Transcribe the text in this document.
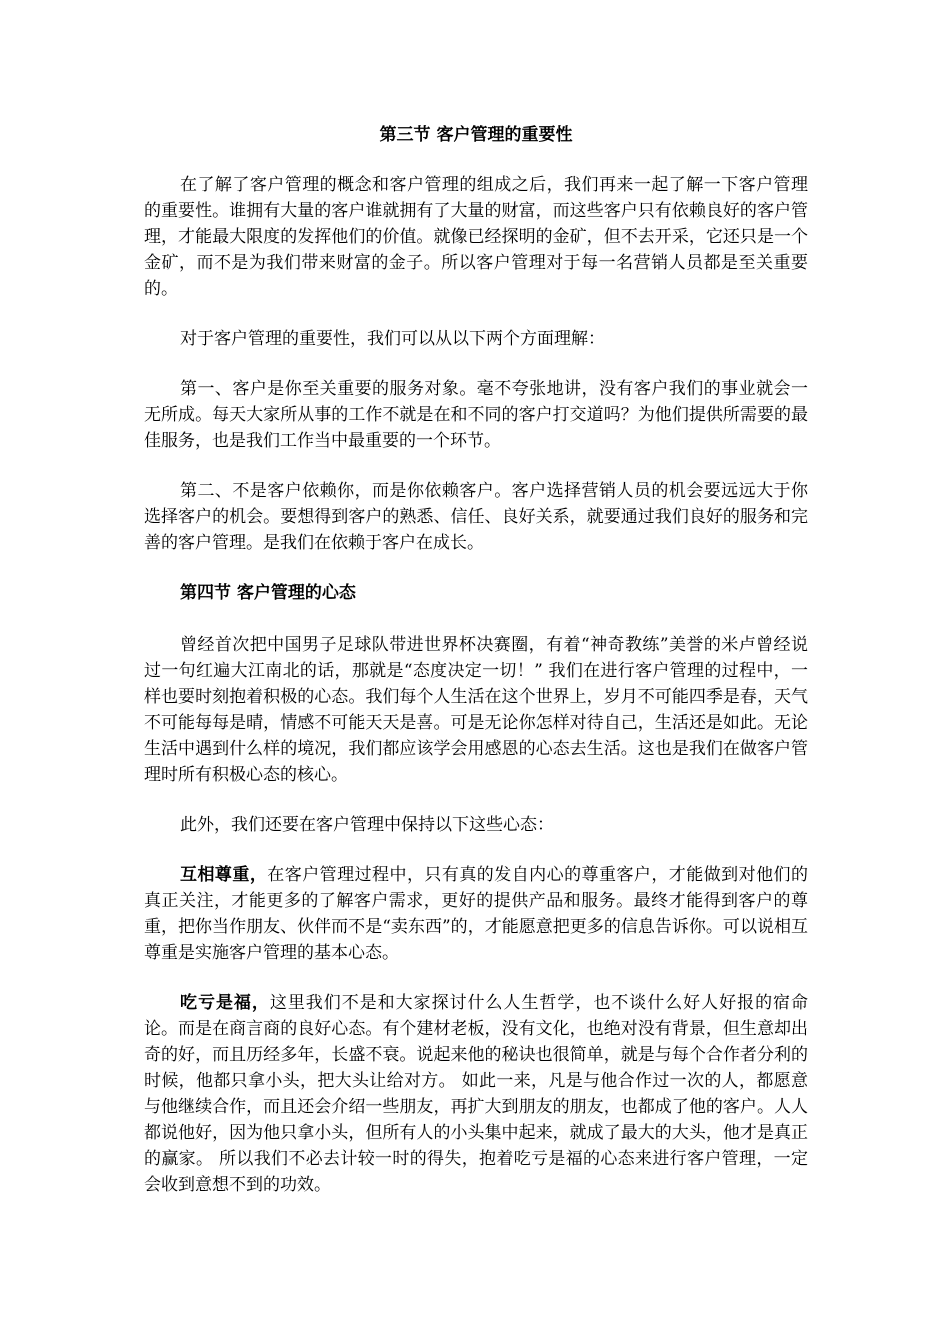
第三节 客户管理的重要性

在了解了客户管理的概念和客户管理的组成之后，我们再来一起了解一下客户管理的重要性。谁拥有大量的客户谁就拥有了大量的财富，而这些客户只有依赖良好的客户管理，才能最大限度的发挥他们的价值。就像已经探明的金矿，但不去开采，它还只是一个金矿，而不是为我们带来财富的金子。所以客户管理对于每一名营销人员都是至关重要的。

对于客户管理的重要性，我们可以从以下两个方面理解：

第一、客户是你至关重要的服务对象。毫不夸张地讲，没有客户我们的事业就会一无所成。每天大家所从事的工作不就是在和不同的客户打交道吗？为他们提供所需要的最佳服务，也是我们工作当中最重要的一个环节。

第二、不是客户依赖你，而是你依赖客户。客户选择营销人员的机会要远远大于你选择客户的机会。要想得到客户的熟悉、信任、良好关系，就要通过我们良好的服务和完善的客户管理。是我们在依赖于客户在成长。

第四节 客户管理的心态

曾经首次把中国男子足球队带进世界杯决赛圈，有着“神奇教练”美誉的米卢曾经说过一句红遍大江南北的话，那就是“态度决定一切！” 我们在进行客户管理的过程中，一样也要时刻抱着积极的心态。我们每个人生活在这个世界上，岁月不可能四季是春，天气不可能每每是晴，情感不可能天天是喜。可是无论你怎样对待自己，生活还是如此。无论生活中遇到什么样的境况，我们都应该学会用感恩的心态去生活。这也是我们在做客户管理时所有积极心态的核心。

此外，我们还要在客户管理中保持以下这些心态：

互相尊重，在客户管理过程中，只有真的发自内心的尊重客户，才能做到对他们的真正关注，才能更多的了解客户需求，更好的提供产品和服务。最终才能得到客户的尊重，把你当作朋友、伙伴而不是“卖东西”的，才能愿意把更多的信息告诉你。可以说相互尊重是实施客户管理的基本心态。

吃亏是福，这里我们不是和大家探讨什么人生哲学，也不谈什么好人好报的宿命论。而是在商言商的良好心态。有个建材老板，没有文化，也绝对没有背景，但生意却出奇的好，而且历经多年，长盛不衰。说起来他的秘诀也很简单，就是与每个合作者分利的时候，他都只拿小头，把大头让给对方。 如此一来，凡是与他合作过一次的人，都愿意与他继续合作，而且还会介绍一些朋友，再扩大到朋友的朋友，也都成了他的客户。人人都说他好，因为他只拿小头，但所有人的小头集中起来，就成了最大的大头，他才是真正的赢家。 所以我们不必去计较一时的得失，抱着吃亏是福的心态来进行客户管理，一定会收到意想不到的功效。
